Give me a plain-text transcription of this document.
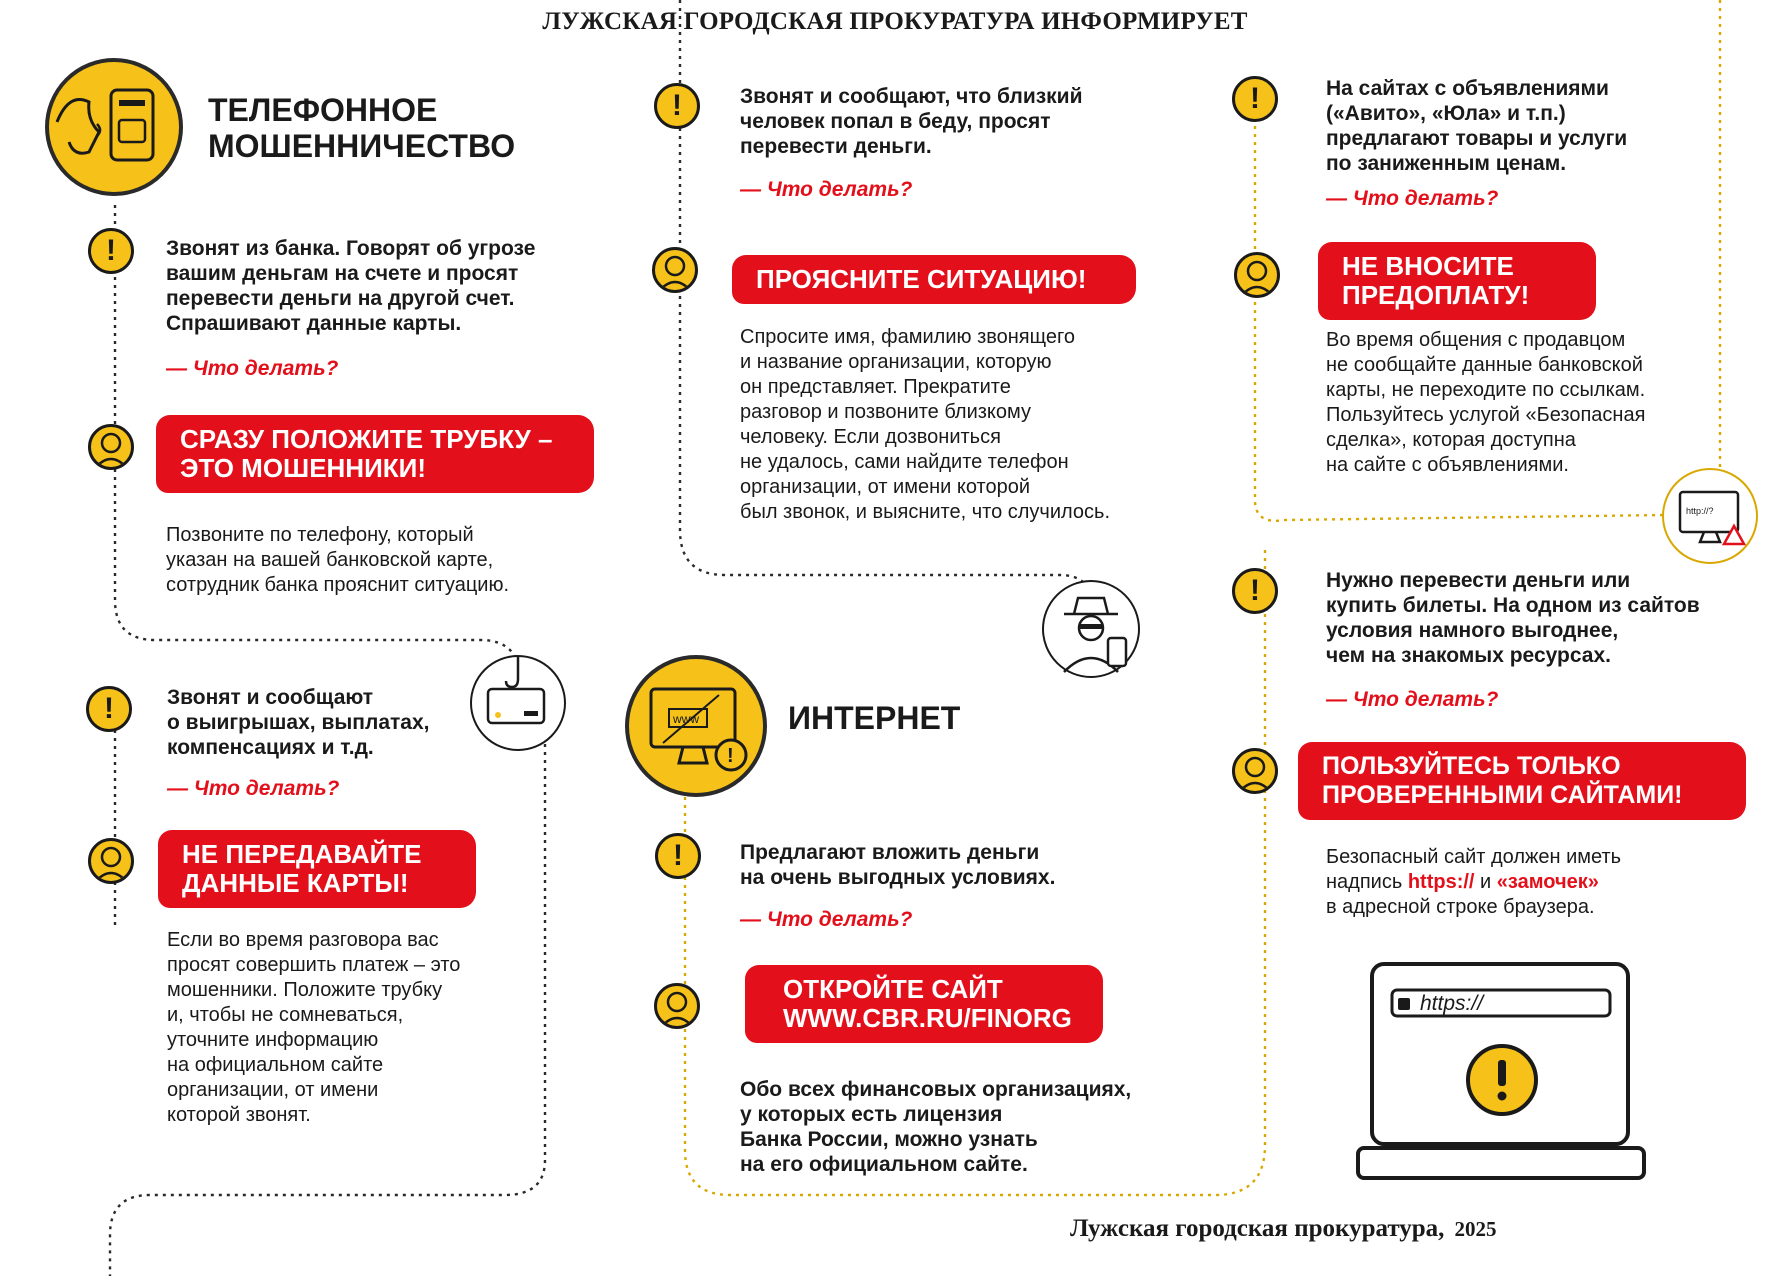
ЛУЖСКАЯ ГОРОДСКАЯ ПРОКУРАТУРА ИНФОРМИРУЕТ
ТЕЛЕФОННОЕ
МОШЕННИЧЕСТВО
!	Звонят из банка. Говорят об угрозе
вашим деньгам на счете и просят
перевести деньги на другой счет.
Спрашивают данные карты.
— Что делать?
СРАЗУ ПОЛОЖИТЕ ТРУБКУ –
ЭТО МОШЕННИКИ!
Позвоните по телефону, который
указан на вашей банковской карте,
сотрудник банка прояснит ситуацию.
!	Звонят и сообщают
о выигрышах, выплатах,
компенсациях и т.д.
— Что делать?
НЕ ПЕРЕДАВАЙТЕ
ДАННЫЕ КАРТЫ!
Если во время разговора вас
просят совершить платеж – это
мошенники. Положите трубку
и, чтобы не сомневаться,
уточните информацию
на официальном сайте
организации, от имени
которой звонят.
!	Звонят и сообщают, что близкий
человек попал в беду, просят
перевести деньги.
— Что делать?
ПРОЯСНИТЕ СИТУАЦИЮ!
Спросите имя, фамилию звонящего
и название организации, которую
он представляет. Прекратите
разговор и позвоните близкому
человеку. Если дозвониться
не удалось, сами найдите телефон
организации, от имени которой
был звонок, и выясните, что случилось.
www
!
ИНТЕРНЕТ
!	Предлагают вложить деньги
на очень выгодных условиях.
— Что делать?
ОТКРОЙТЕ САЙТ
WWW.CBR.RU/FINORG
Обо всех финансовых организациях,
у которых есть лицензия
Банка России, можно узнать
на его официальном сайте.
!	На сайтах с объявлениями
(«Авито», «Юла» и т.п.)
предлагают товары и услуги
по заниженным ценам.
— Что делать?
НЕ ВНОСИТЕ
ПРЕДОПЛАТУ!
Во время общения с продавцом
не сообщайте данные банковской
карты, не переходите по ссылкам.
Пользуйтесь услугой «Безопасная
сделка», которая доступна
на сайте с объявлениями.
http://?
!	Нужно перевести деньги или
купить билеты. На одном из сайтов
условия намного выгоднее,
чем на знакомых ресурсах.
— Что делать?
ПОЛЬЗУЙТЕСЬ ТОЛЬКО
ПРОВЕРЕННЫМИ САЙТАМИ!
Безопасный сайт должен иметь
надпись https:// и «замочек»
в адресной строке браузера.
https://
Лужская городская прокуратура, 2025
